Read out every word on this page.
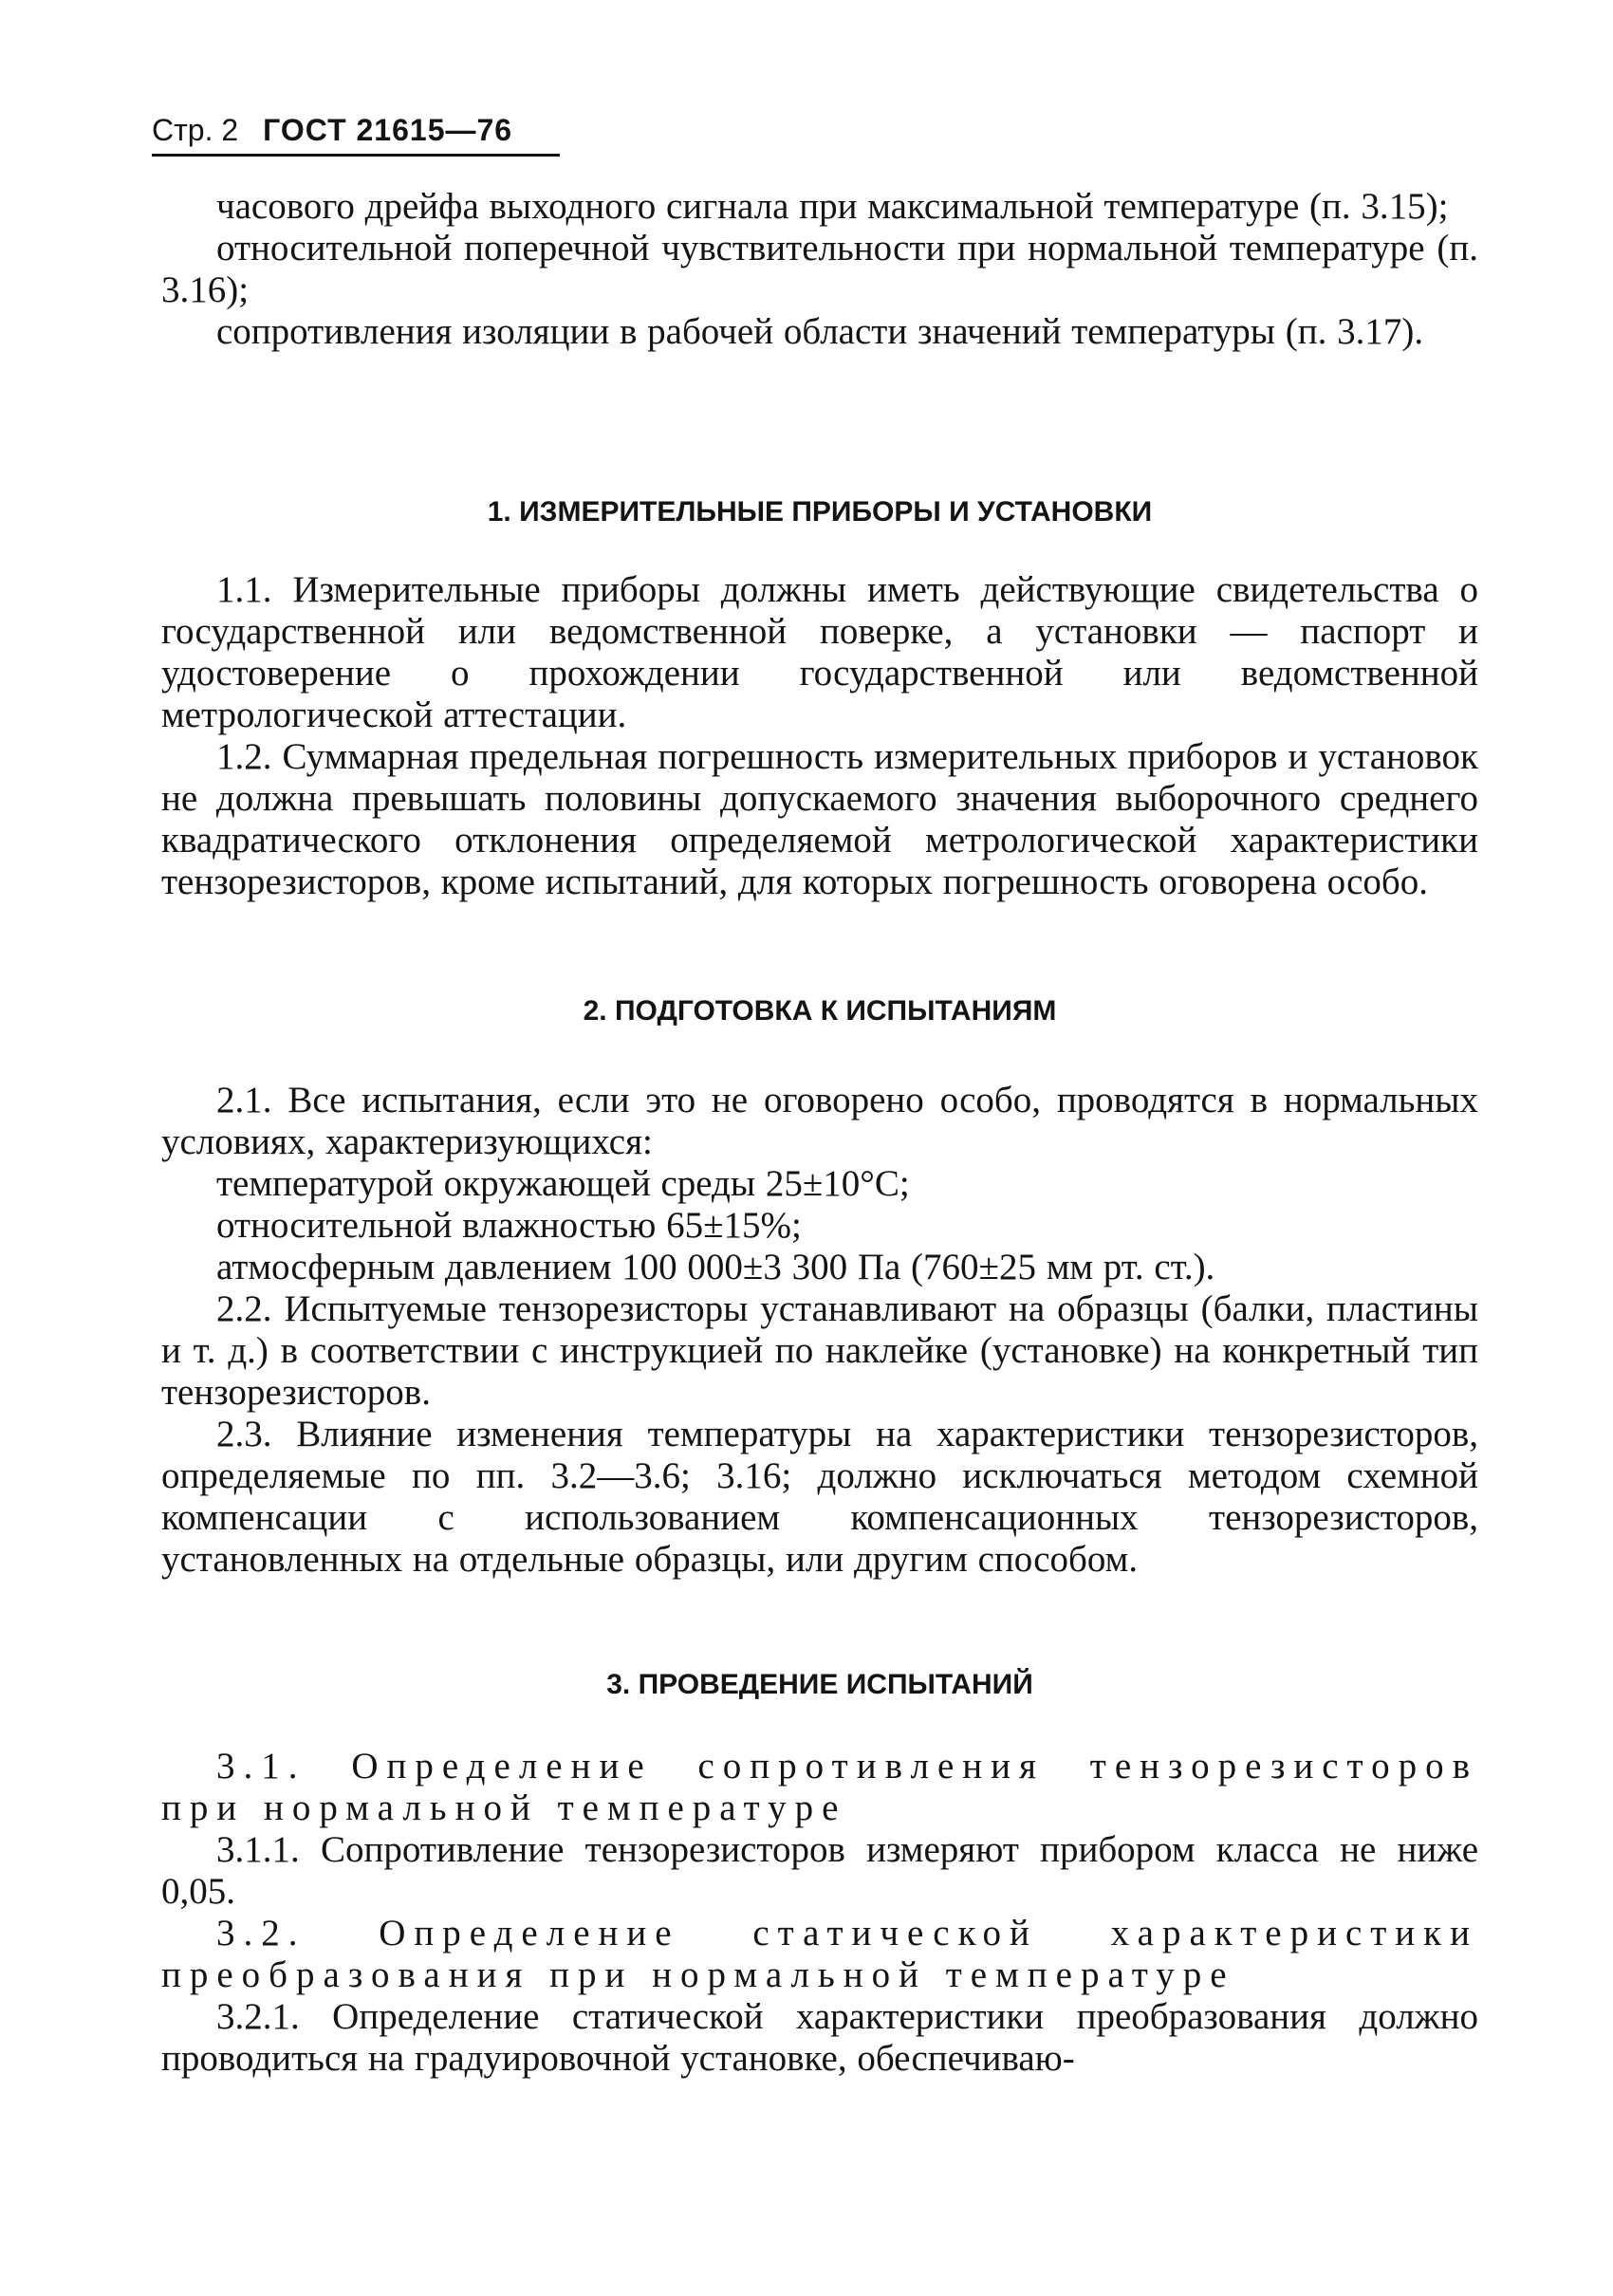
Стр. 2 ГОСТ 21615—76

часового дрейфа выходного сигнала при максимальной температуре (п. 3.15);

относительной поперечной чувствительности при нормальной температуре (п. 3.16);

сопротивления изоляции в рабочей области значений температуры (п. 3.17).

1. ИЗМЕРИТЕЛЬНЫЕ ПРИБОРЫ И УСТАНОВКИ

1.1. Измерительные приборы должны иметь действующие свидетельства о государственной или ведомственной поверке, а установки — паспорт и удостоверение о прохождении государственной или ведомственной метрологической аттестации.

1.2. Суммарная предельная погрешность измерительных приборов и установок не должна превышать половины допускаемого значения выборочного среднего квадратического отклонения определяемой метрологической характеристики тензорезисторов, кроме испытаний, для которых погрешность оговорена особо.

2. ПОДГОТОВКА К ИСПЫТАНИЯМ

2.1. Все испытания, если это не оговорено особо, проводятся в нормальных условиях, характеризующихся:

температурой окружающей среды 25±10°С;

относительной влажностью 65±15%;

атмосферным давлением 100 000±3 300 Па (760±25 мм рт. ст.).

2.2. Испытуемые тензорезисторы устанавливают на образцы (балки, пластины и т. д.) в соответствии с инструкцией по наклейке (установке) на конкретный тип тензорезисторов.

2.3. Влияние изменения температуры на характеристики тензорезисторов, определяемые по пп. 3.2—3.6; 3.16; должно исключаться методом схемной компенсации с использованием компенсационных тензорезисторов, установленных на отдельные образцы, или другим способом.

3. ПРОВЕДЕНИЕ ИСПЫТАНИЙ

3.1. Определение сопротивления тензорезисторов при нормальной температуре

3.1.1. Сопротивление тензорезисторов измеряют прибором класса не ниже 0,05.

3.2. Определение статической характеристики преобразования при нормальной температуре

3.2.1. Определение статической характеристики преобразования должно проводиться на градуировочной установке, обеспечиваю-
